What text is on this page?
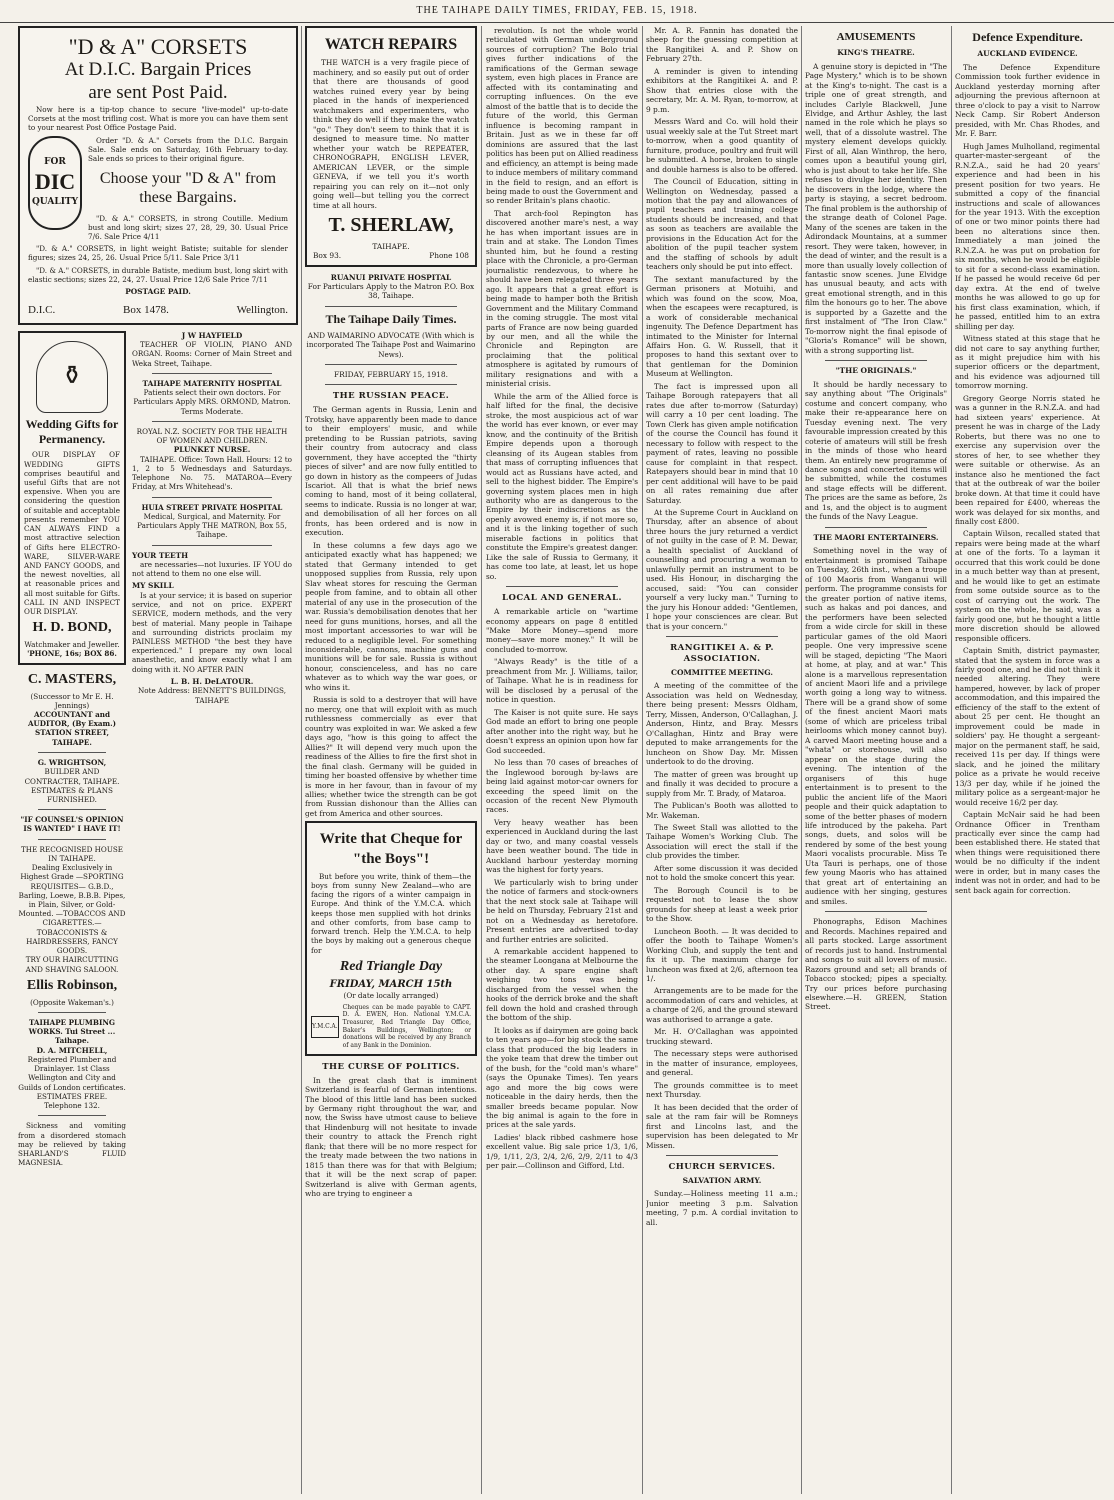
THE TAIHAPE DAILY TIMES, FRIDAY, FEB. 15, 1918.
"D & A" CORSETS
At D.I.C. Bargain Prices
are sent Post Paid.

Now here is a tip-top chance to secure "live-model" up-to-date Corsets at the most trifling cost. What is more you can have them sent to your nearest Post Office Postage Paid.

FOR
DIC
QUALITY

Order "D. & A." Corsets from the D.I.C. Bargain Sale. Sale ends on Saturday, 16th February to-day. Sale ends so prices to their original figure.

Choose your "D & A" from these Bargains.

"D. & A." CORSETS, in strong Coutille. Medium bust and long skirt; sizes 27, 28, 29, 30. Usual Price 7/6. Sale Price 4/11

"D. & A." CORSETS, in light weight Batiste; suitable for slender figures; sizes 24, 25, 26. Usual Price 5/11. Sale Price 3/11

"D. & A." CORSETS, in durable Batiste, medium bust, long skirt with elastic sections; sizes 22, 24, 27. Usual Price 12/6 Sale Price 7/11

POSTAGE PAID.
D.I.C.	Box 1478.	Wellington.
⚱
Wedding Gifts for Permanency.

OUR DISPLAY OF WEDDING GIFTS comprises beautiful and useful Gifts that are not expensive. When you are considering the question of suitable and acceptable presents remember YOU CAN ALWAYS FIND a most attractive selection of Gifts here ELECTRO-WARE, SILVER-WARE AND FANCY GOODS, and the newest novelties, all at reasonable prices and all most suitable for Gifts. CALL IN AND INSPECT OUR DISPLAY.

H. D. BOND,
Watchmaker and Jeweller.
'PHONE, 16s; BOX 86.
C. MASTERS,
(Successor to Mr E. H. Jennings)
ACCOUNTANT and AUDITOR, (By Exam.) STATION STREET, TAIHAPE.
G. WRIGHTSON,
BUILDER AND CONTRACTER, TAIHAPE. ESTIMATES & PLANS FURNISHED.
"IF COUNSEL'S OPINION IS WANTED" I HAVE IT!
THE RECOGNISED HOUSE IN TAIHAPE.
Dealing Exclusively in Highest Grade —SPORTING REQUISITES— G.B.D., Barling, Loewe, B.B.B. Pipes, in Plain, Silver, or Gold-Mounted. —TOBACCOS AND CIGARETTES.—
TOBACCONISTS & HAIRDRESSERS, FANCY GOODS.
TRY OUR HAIRCUTTING AND SHAVING SALOON.
Ellis Robinson,
(Opposite Wakeman's.)
TAIHAPE PLUMBING WORKS. Tui Street ... Taihape.
D. A. MITCHELL,
Registered Plumber and Drainlayer. 1st Class Wellington and City and Guilds of London certificates. ESTIMATES FREE. Telephone 132.

Sickness and vomiting from a disordered stomach may be relieved by taking SHARLAND'S FLUID MAGNESIA.

J W HAYFIELD

TEACHER OF VIOLIN, PIANO AND ORGAN. Rooms: Corner of Main Street and Weka Street, Taihape.

TAIHAPE MATERNITY HOSPITAL

Patients select their own doctors. For Particulars Apply MRS. ORMOND, Matron. Terms Moderate.

ROYAL N.Z. SOCIETY FOR THE HEALTH OF WOMEN AND CHILDREN.
PLUNKET NURSE.

TAIHAPE. Office: Town Hall. Hours: 12 to 1, 2 to 5 Wednesdays and Saturdays. Telephone No. 75. MATAROA—Every Friday, at Mrs Whitehead's.

HUIA STREET PRIVATE HOSPITAL

Medical, Surgical, and Maternity. For Particulars Apply THE MATRON, Box 55, Taihape.

YOUR TEETH

are necessaries—not luxuries. IF YOU do not attend to them no one else will.

MY SKILL

Is at your service; it is based on superior service, and not on price. EXPERT SERVICE, modern methods, and the very best of material. Many people in Taihape and surrounding districts proclaim my PAINLESS METHOD "the best they have experienced." I prepare my own local anaesthetic, and know exactly what I am doing with it. NO AFTER PAIN

L. B. H. DeLATOUR.
Note Address: BENNETT'S BUILDINGS, TAIHAPE
WATCH REPAIRS

THE WATCH is a very fragile piece of machinery, and so easily put out of order that there are thousands of good watches ruined every year by being placed in the hands of inexperienced watchmakers and experimenters, who think they do well if they make the watch "go." They don't seem to think that it is designed to measure time. No matter whether your watch be REPEATER, CHRONOGRAPH, ENGLISH LEVER, AMERICAN LEVER, or the simple GENEVA, if we tell you it's worth repairing you can rely on it—not only going well—but telling you the correct time at all hours.

T. SHERLAW,
TAIHAPE.
Box 93.	Phone 108
RUANUI PRIVATE HOSPITAL

For Particulars Apply to the Matron P.O. Box 38, Taihape.

The Taihape Daily Times.
AND WAIMARINO ADVOCATE (With which is incorporated The Taihape Post and Waimarino News).
FRIDAY, FEBRUARY 15, 1918.
THE RUSSIAN PEACE.

The German agents in Russia, Lenin and Trotsky, have apparently been made to dance to their employers' music, and while pretending to be Russian patriots, saving their country from autocracy and class government, they have accepted the "thirty pieces of silver" and are now fully entitled to go down in history as the compeers of Judas Iscariot. All that is what the brief news coming to hand, most of it being collateral, seems to indicate. Russia is no longer at war, and demobilisation of all her forces on all fronts, has been ordered and is now in execution.

In these columns a few days ago we anticipated exactly what has happened; we stated that Germany intended to get unopposed supplies from Russia, rely upon Slav wheat stores for rescuing the German people from famine, and to obtain all other material of any use in the prosecution of the war. Russia's demobilisation denotes that her need for guns munitions, horses, and all the most important accessories to war will be reduced to a negligible level. For something inconsiderable, cannons, machine guns and munitions will be for sale. Russia is without honour, conscienceless, and has no care whatever as to which way the war goes, or who wins it.

Russia is sold to a destroyer that will have no mercy, one that will exploit with as much ruthlessness commercially as ever that country was exploited in war. We asked a few days ago, "how is this going to affect the Allies?" It will depend very much upon the readiness of the Allies to fire the first shot in the final clash. Germany will be guided in timing her boasted offensive by whether time is more in her favour, than in favour of my allies; whether twice the strength can be got from Russian dishonour than the Allies can get from America and other sources.

Write that Cheque for "the Boys"!

But before you write, think of them—the boys from sunny New Zealand—who are facing the rigors of a winter campaign in Europe. And think of the Y.M.C.A. which keeps those men supplied with hot drinks and other comforts, from base camp to forward trench. Help the Y.M.C.A. to help the boys by making out a generous cheque for

Red Triangle Day
FRIDAY, MARCH 15th
(Or date locally arranged)
Y.M.C.A.
Cheques can be made payable to CAPT. D. A. EWEN, Hon. National Y.M.C.A. Treasurer, Red Triangle Day Office, Baker's Buildings, Wellington; or donations will be received by any Branch of any Bank in the Dominion.
THE CURSE OF POLITICS.

In the great clash that is imminent Switzerland is fearful of German intentions. The blood of this little land has been sucked by Germany right throughout the war, and now, the Swiss have utmost cause to believe that Hindenburg will not hesitate to invade their country to attack the French right flank; that there will be no more respect for the treaty made between the two nations in 1815 than there was for that with Belgium; that it will be the next scrap of paper. Switzerland is alive with German agents, who are trying to engineer a

revolution. Is not the whole world reticulated with German underground sources of corruption? The Bolo trial gives further indications of the ramifications of the German sewage system, even high places in France are affected with its contaminating and corrupting influences. On the eve almost of the battle that is to decide the future of the world, this German influence is becoming rampant in Britain. Just as we in these far off dominions are assured that the last politics has been put on Allied readiness and efficiency, an attempt is being made to induce members of military command in the field to resign, and an effort is being made to oust the Government and so render Britain's plans chaotic.

That arch-fool Repington has discovered another mare's nest, a way he has when important issues are in train and at stake. The London Times shunted him, but he found a resting place with the Chronicle, a pro-German journalistic rendezvous, to where he should have been relegated three years ago. It appears that a great effort is being made to hamper both the British Government and the Military Command in the coming struggle. The most vital parts of France are now being guarded by our men, and all the while the Chronicle and Repington are proclaiming that the political atmosphere is agitated by rumours of military resignations and with a ministerial crisis.

While the arm of the Allied force is half lifted for the final, the decisive stroke, the most auspicious act of war the world has ever known, or ever may know, and the continuity of the British Empire depends upon a thorough cleansing of its Augean stables from that mass of corrupting influences that would act as Russians have acted, and sell to the highest bidder. The Empire's governing system places men in high authority who are as dangerous to the Empire by their indiscretions as the openly avowed enemy is, if not more so, and it is the linking together of such miserable factions in politics that constitute the Empire's greatest danger. Like the sale of Russia to Germany, it has come too late, at least, let us hope so.

LOCAL AND GENERAL.

A remarkable article on "wartime economy appears on page 8 entitled "Make More Money—spend more money—save more money." It will be concluded to-morrow.

"Always Ready" is the title of a preachment from Mr. J. Williams, tailor, of Taihape. What he is in readiness for will be disclosed by a perusal of the notice in question.

The Kaiser is not quite sure. He says God made an effort to bring one people after another into the right way, but he doesn't express an opinion upon how far God succeeded.

No less than 70 cases of breaches of the Inglewood borough by-laws are being laid against motor-car owners for exceeding the speed limit on the occasion of the recent New Plymouth races.

Very heavy weather has been experienced in Auckland during the last day or two, and many coastal vessels have been weather bound. The tide in Auckland harbour yesterday morning was the highest for forty years.

We particularly wish to bring under the notice of farmers and stock-owners that the next stock sale at Taihape will be held on Thursday, February 21st and not on a Wednesday as heretofore. Present entries are advertised to-day and further entries are solicited.

A remarkable accident happened to the steamer Loongana at Melbourne the other day. A spare engine shaft weighing two tons was being discharged from the vessel when the hooks of the derrick broke and the shaft fell down the hold and crashed through the bottom of the ship.

It looks as if dairymen are going back to ten years ago—for big stock the same class that produced the big leaders in the yoke team that drew the timber out of the bush, for the "cold man's whare" (says the Opunake Times). Ten years ago and more the big cows were noticeable in the dairy herds, then the smaller breeds became popular. Now the big animal is again to the fore in prices at the sale yards.

Ladies' black ribbed cashmere hose excellent value. Big sale price 1/3, 1/6, 1/9, 1/11, 2/3, 2/4, 2/6, 2/9, 2/11 to 4/3 per pair.—Collinson and Gifford, Ltd.

Mr. A. R. Fannin has donated the sheep for the guessing competition at the Rangitikei A. and P. Show on February 27th.

A reminder is given to intending exhibitors at the Rangitikei A. and P. Show that entries close with the secretary, Mr. A. M. Ryan, to-morrow, at 9 p.m.

Messrs Ward and Co. will hold their usual weekly sale at the Tut Street mart to-morrow, when a good quantity of furniture, produce, poultry and fruit will be submitted. A horse, broken to single and double harness is also to be offered.

The Council of Education, sitting in Wellington on Wednesday, passed a motion that the pay and allowances of pupil teachers and training college students should be increased, and that as soon as teachers are available the provisions in the Education Act for the abolition of the pupil teacher system and the staffing of schools by adult teachers only should be put into effect.

The sextant manufactured by the German prisoners at Motuihi, and which was found on the scow, Moa, when the escapees were recaptured, is a work of considerable mechanical ingenuity. The Defence Department has intimated to the Minister for Internal Affairs Hon. G. W. Russell, that it proposes to hand this sextant over to that gentleman for the Dominion Museum at Wellington.

The fact is impressed upon all Taihape Borough ratepayers that all rates due after to-morrow (Saturday) will carry a 10 per cent loading. The Town Clerk has given ample notification of the course the Council has found it necessary to follow with respect to the payment of rates, leaving no possible cause for complaint in that respect. Ratepayers should bear in mind that 10 per cent additional will have to be paid on all rates remaining due after Saturday.

At the Supreme Court in Auckland on Thursday, after an absence of about three hours the jury returned a verdict of not guilty in the case of P. M. Dewar, a health specialist of Auckland of counselling and procuring a woman to unlawfully permit an instrument to be used. His Honour, in discharging the accused, said: "You can consider yourself a very lucky man." Turning to the jury his Honour added: "Gentlemen, I hope your consciences are clear. But that is your concern."

RANGITIKEI A. & P. ASSOCIATION.
COMMITTEE MEETING.

A meeting of the committee of the Association was held on Wednesday, there being present: Messrs Oldham, Terry, Missen, Anderson, O'Callaghan, J. Anderson, Hintz, and Bray. Messrs O'Callaghan, Hintz and Bray were deputed to make arrangements for the luncheon on Show Day. Mr. Missen undertook to do the droving.

The matter of green was brought up and finally it was decided to procure a supply from Mr. T. Brady, of Mataroa.

The Publican's Booth was allotted to Mr. Wakeman.

The Sweet Stall was allotted to the Taihape Women's Working Club. The Association will erect the stall if the club provides the timber.

After some discussion it was decided not to hold the smoke concert this year.

The Borough Council is to be requested not to lease the show grounds for sheep at least a week prior to the Show.

Luncheon Booth. — It was decided to offer the booth to Taihape Women's Working Club, and supply the tent and fix it up. The maximum charge for luncheon was fixed at 2/6, afternoon tea 1/.

Arrangements are to be made for the accommodation of cars and vehicles, at a charge of 2/6, and the ground steward was authorised to arrange a gate.

Mr. H. O'Callaghan was appointed trucking steward.

The necessary steps were authorised in the matter of insurance, employees, and general.

The grounds committee is to meet next Thursday.

It has been decided that the order of sale at the ram fair will be Romneys first and Lincolns last, and the supervision has been delegated to Mr Missen.

CHURCH SERVICES.
SALVATION ARMY.

Sunday.—Holiness meeting 11 a.m.; Junior meeting 3 p.m. Salvation meeting, 7 p.m. A cordial invitation to all.

AMUSEMENTS
KING'S THEATRE.

A genuine story is depicted in "The Page Mystery," which is to be shown at the King's to-night. The cast is a triple one of great strength, and includes Carlyle Blackwell, June Elvidge, and Arthur Ashley, the last named in the role which he plays so well, that of a dissolute wastrel. The mystery element develops quickly. First of all, Alan Winthrop, the hero, comes upon a beautiful young girl, who is just about to take her life. She refuses to divulge her identity. Then he discovers in the lodge, where the party is staying, a secret bedroom. The final problem is the authorship of the strange death of Colonel Page. Many of the scenes are taken in the Adirondack Mountains, at a summer resort. They were taken, however, in the dead of winter, and the result is a more than usually lovely collection of fantastic snow scenes. June Elvidge has unusual beauty, and acts with great emotional strength, and in this film the honours go to her. The above is supported by a Gazette and the first instalment of "The Iron Claw." To-morrow night the final episode of "Gloria's Romance" will be shown, with a strong supporting list.

"THE ORIGINALS."

It should be hardly necessary to say anything about "The Originals" costume and concert company, who make their re-appearance here on Tuesday evening next. The very favourable impression created by this coterie of amateurs will still be fresh in the minds of those who heard them. An entirely new programme of dance songs and concerted items will be submitted, while the costumes and stage effects will be different. The prices are the same as before, 2s and 1s, and the object is to augment the funds of the Navy League.

THE MAORI ENTERTAINERS.

Something novel in the way of entertainment is promised Taihape on Tuesday, 26th inst., when a troupe of 100 Maoris from Wanganui will perform. The programme consists for the greater portion of native items, such as hakas and poi dances, and the performers have been selected from a wide circle for skill in these particular games of the old Maori people. One very impressive scene will be staged, depicting "The Maori at home, at play, and at war." This alone is a marvellous representation of ancient Maori life and a privilege worth going a long way to witness. There will be a grand show of some of the finest ancient Maori mats (some of which are priceless tribal heirlooms which money cannot buy). A carved Maori meeting house and a "whata" or storehouse, will also appear on the stage during the evening. The intention of the organisers of this huge entertainment is to present to the public the ancient life of the Maori people and their quick adaptation to some of the better phases of modern life introduced by the pakeha. Part songs, duets, and solos will be rendered by some of the best young Maori vocalists procurable. Miss Te Uta Tauri is perhaps, one of those few young Maoris who has attained that great art of entertaining an audience with her singing, gestures and smiles.

Phonographs, Edison Machines and Records. Machines repaired and all parts stocked. Large assortment of records just to hand. Instrumental and songs to suit all lovers of music. Razors ground and set; all brands of Tobacco stocked; pipes a specialty. Try our prices before purchasing elsewhere.—H. GREEN, Station Street.

Defence Expenditure.
AUCKLAND EVIDENCE.

The Defence Expenditure Commission took further evidence in Auckland yesterday morning after adjourning the previous afternoon at three o'clock to pay a visit to Narrow Neck Camp. Sir Robert Anderson presided, with Mr. Chas Rhodes, and Mr. F. Barr.

Hugh James Mulholland, regimental quarter-master-sergeant of the R.N.Z.A., said he had 20 years' experience and had been in his present position for two years. He submitted a copy of the financial instructions and scale of allowances for the year 1913. With the exception of one or two minor points there had been no alterations since then. Immediately a man joined the R.N.Z.A. he was put on probation for six months, when he would be eligible to sit for a second-class examination. If he passed he would receive 6d per day extra. At the end of twelve months he was allowed to go up for his first class examination, which, if he passed, entitled him to an extra shilling per day.

Witness stated at this stage that he did not care to say anything further, as it might prejudice him with his superior officers or the department, and his evidence was adjourned till tomorrow morning.

Gregory George Norris stated he was a gunner in the R.N.Z.A. and had had sixteen years' experience. At present he was in charge of the Lady Roberts, but there was no one to exercise any supervision over the stores of her, to see whether they were suitable or otherwise. As an instance also he mentioned the fact that at the outbreak of war the boiler broke down. At that time it could have been repaired for £400, whereas the work was delayed for six months, and finally cost £800.

Captain Wilson, recalled stated that repairs were being made at the wharf at one of the forts. To a layman it occurred that this work could be done in a much better way than at present, and he would like to get an estimate from some outside source as to the cost of carrying out the work. The system on the whole, he said, was a fairly good one, but he thought a little more discretion should be allowed responsible officers.

Captain Smith, district paymaster, stated that the system in force was a fairly good one, and he did not think it needed altering. They were hampered, however, by lack of proper accommodation, and this impaired the efficiency of the staff to the extent of about 25 per cent. He thought an improvement could be made in soldiers' pay. He thought a sergeant-major on the permanent staff, he said, received 11s per day. If things were slack, and he joined the military police as a private he would receive 13/3 per day, while if he joined the military police as a sergeant-major he would receive 16/2 per day.

Captain McNair said he had been Ordnance Officer in Trentham practically ever since the camp had been established there. He stated that when things were requisitioned there would be no difficulty if the indent were in order, but in many cases the indent was not in order, and had to be sent back again for correction.
